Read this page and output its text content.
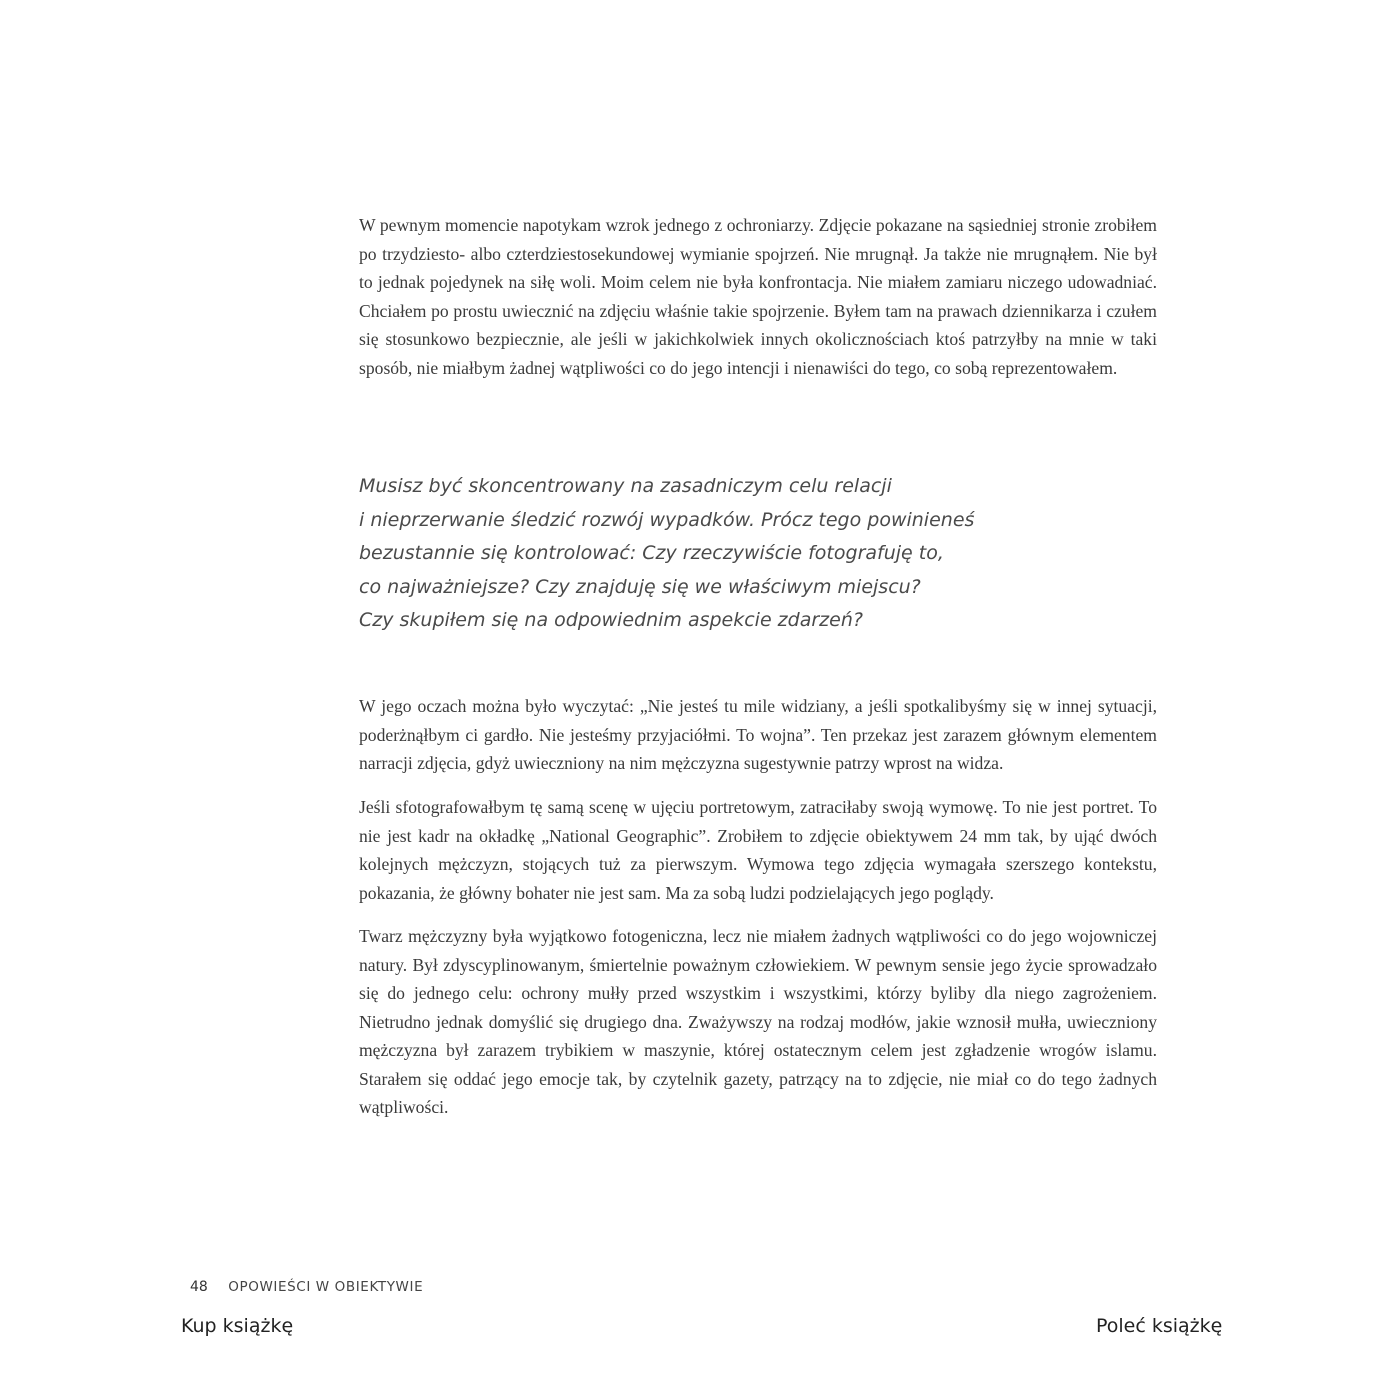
W pewnym momencie napotykam wzrok jednego z ochroniarzy. Zdjęcie pokazane na sąsiedniej stronie zrobiłem po trzydziesto- albo czterdziestosekundowej wymianie spojrzeń. Nie mrugnął. Ja także nie mrugnąłem. Nie był to jednak pojedynek na siłę woli. Moim celem nie była konfrontacja. Nie miałem zamiaru niczego udowadniać. Chciałem po prostu uwiecznić na zdjęciu właśnie takie spojrzenie. Byłem tam na prawach dziennikarza i czułem się stosunkowo bezpiecznie, ale jeśli w jakichkolwiek innych okolicznościach ktoś patrzyłby na mnie w taki sposób, nie miałbym żadnej wątpliwości co do jego intencji i nienawiści do tego, co sobą reprezentowałem.

Musisz być skoncentrowany na zasadniczym celu relacji
i nieprzerwanie śledzić rozwój wypadków. Prócz tego powinieneś
bezustannie się kontrolować: Czy rzeczywiście fotografuję to,
co najważniejsze? Czy znajduję się we właściwym miejscu?
Czy skupiłem się na odpowiednim aspekcie zdarzeń?

W jego oczach można było wyczytać: „Nie jesteś tu mile widziany, a jeśli spotkalibyśmy się w innej sytuacji, poderżnąłbym ci gardło. Nie jesteśmy przyjaciółmi. To wojna”. Ten przekaz jest zarazem głównym elementem narracji zdjęcia, gdyż uwieczniony na nim mężczyzna sugestywnie patrzy wprost na widza.

Jeśli sfotografowałbym tę samą scenę w ujęciu portretowym, zatraciłaby swoją wymowę. To nie jest portret. To nie jest kadr na okładkę „National Geographic”. Zrobiłem to zdjęcie obiektywem 24 mm tak, by ująć dwóch kolejnych mężczyzn, stojących tuż za pierwszym. Wymowa tego zdjęcia wymagała szerszego kontekstu, pokazania, że główny bohater nie jest sam. Ma za sobą ludzi podzielających jego poglądy.

Twarz mężczyzny była wyjątkowo fotogeniczna, lecz nie miałem żadnych wątpliwości co do jego wojowniczej natury. Był zdyscyplinowanym, śmiertelnie poważnym człowiekiem. W pewnym sensie jego życie sprowadzało się do jednego celu: ochrony mułły przed wszystkim i wszystkimi, którzy byliby dla niego zagrożeniem. Nietrudno jednak domyślić się drugiego dna. Zważywszy na rodzaj modłów, jakie wznosił mułła, uwieczniony mężczyzna był zarazem trybikiem w maszynie, której ostatecznym celem jest zgładzenie wrogów islamu. Starałem się oddać jego emocje tak, by czytelnik gazety, patrzący na to zdjęcie, nie miał co do tego żadnych wątpliwości.

48 OPOWIEŚCI W OBIEKTYWIE
Kup książkę	Poleć książkę
